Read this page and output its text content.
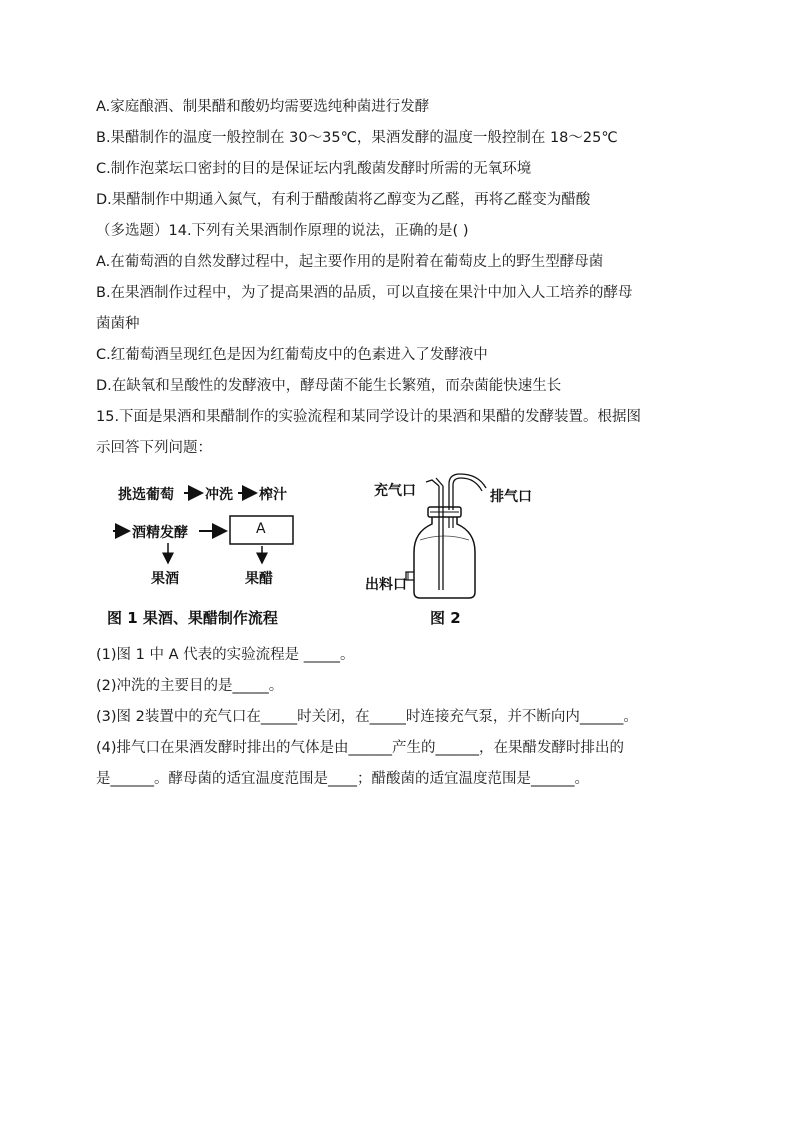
A.家庭酿酒、制果醋和酸奶均需要选纯种菌进行发酵
B.果醋制作的温度一般控制在 30～35℃，果酒发酵的温度一般控制在 18～25℃
C.制作泡菜坛口密封的目的是保证坛内乳酸菌发酵时所需的无氧环境
D.果醋制作中期通入氮气，有利于醋酸菌将乙醇变为乙醛，再将乙醛变为醋酸
（多选题）14.下列有关果酒制作原理的说法，正确的是( )
A.在葡萄酒的自然发酵过程中，起主要作用的是附着在葡萄皮上的野生型酵母菌
B.在果酒制作过程中，为了提高果酒的品质，可以直接在果汁中加入人工培养的酵母
菌菌种
C.红葡萄酒呈现红色是因为红葡萄皮中的色素进入了发酵液中
D.在缺氧和呈酸性的发酵液中，酵母菌不能生长繁殖，而杂菌能快速生长
15.下面是果酒和果醋制作的实验流程和某同学设计的果酒和果醋的发酵装置。根据图
示回答下列问题：
挑选葡萄 冲洗 榨汁
酒精发酵	A
果酒	果醋
图 1 果酒、果醋制作流程
充气口	排气口
出料口
图 2
(1)图 1 中 A 代表的实验流程是 _____。
(2)冲洗的主要目的是_____。
(3)图 2装置中的充气口在_____时关闭，在_____时连接充气泵，并不断向内______。
(4)排气口在果酒发酵时排出的气体是由______产生的______，在果醋发酵时排出的
是______。酵母菌的适宜温度范围是____；醋酸菌的适宜温度范围是______。
